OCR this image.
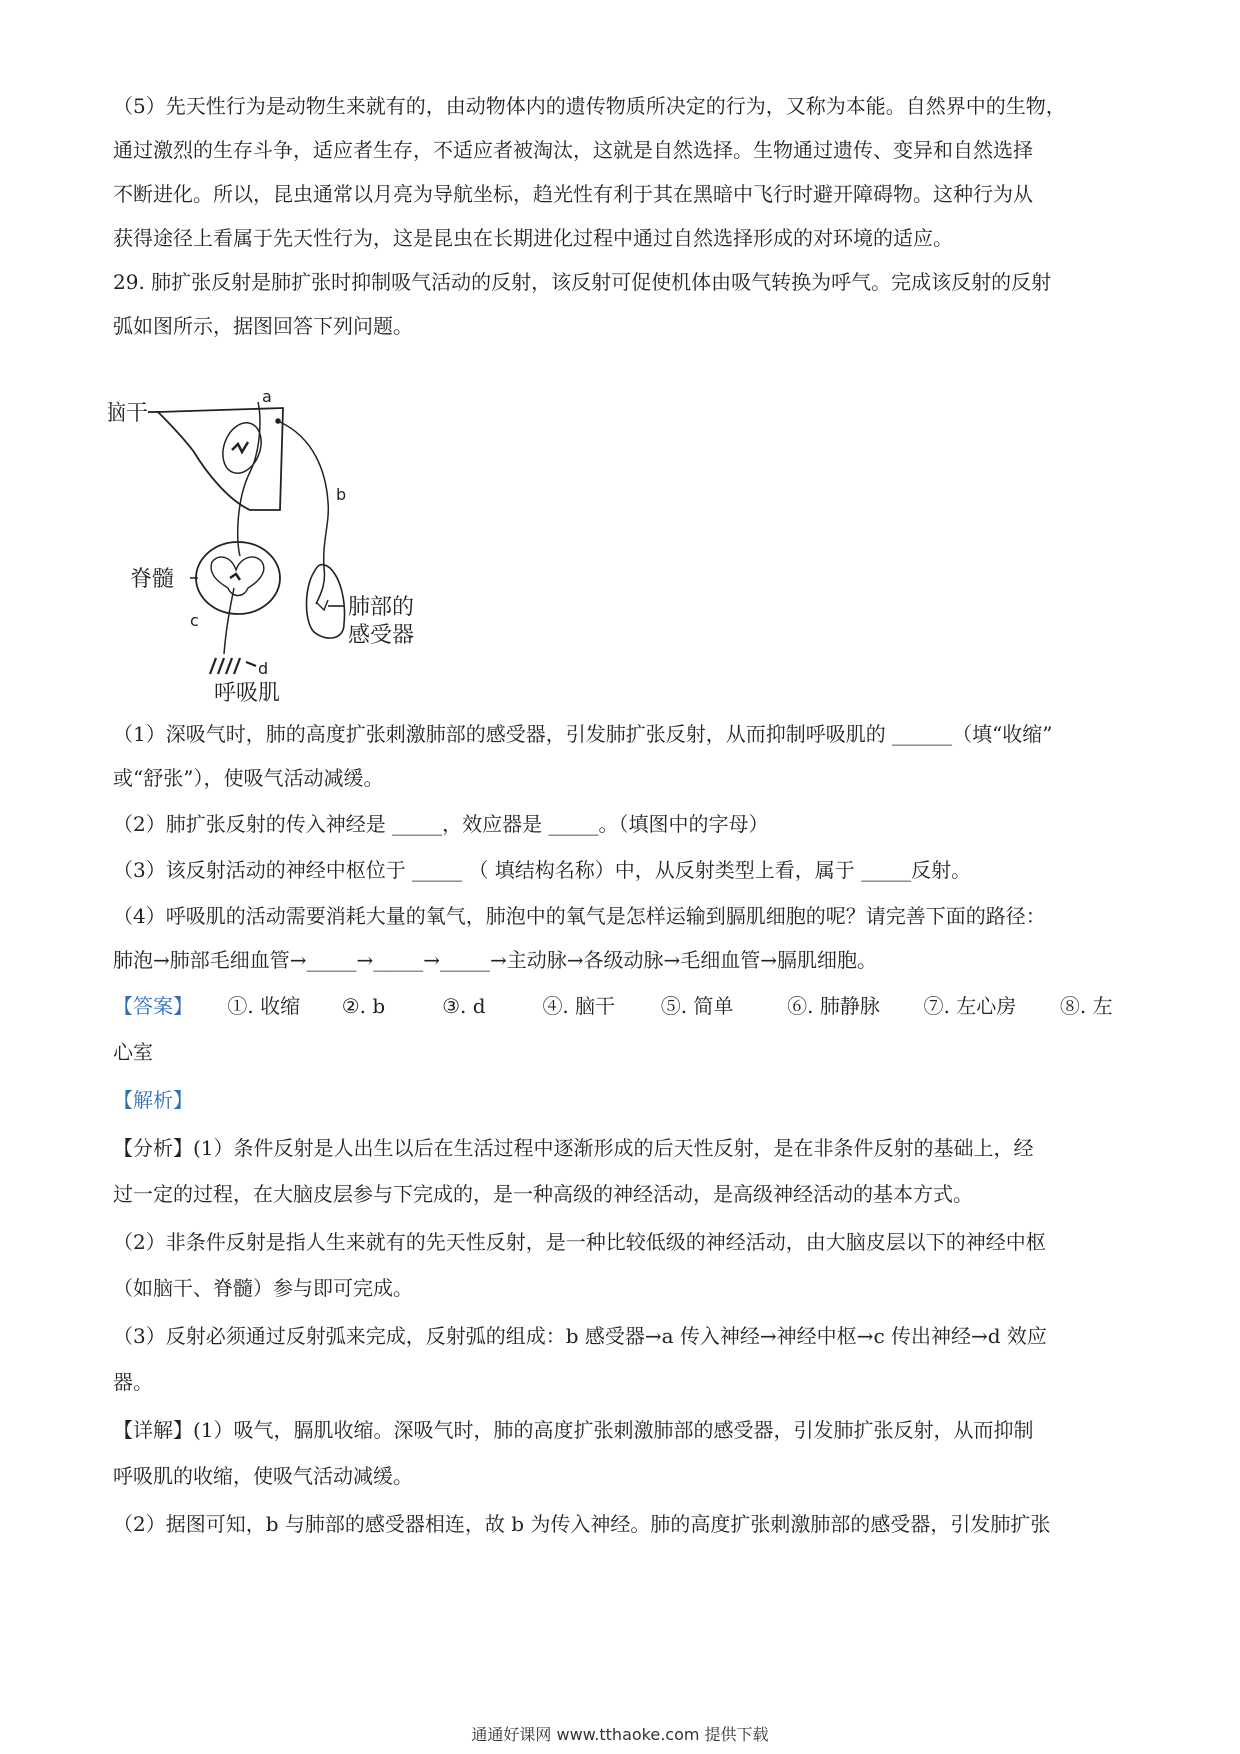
（5）先天性行为是动物生来就有的，由动物体内的遗传物质所决定的行为，又称为本能。自然界中的生物，
通过激烈的生存斗争，适应者生存，不适应者被淘汰，这就是自然选择。生物通过遗传、变异和自然选择
不断进化。所以，昆虫通常以月亮为导航坐标，趋光性有利于其在黑暗中飞行时避开障碍物。这种行为从
获得途径上看属于先天性行为，这是昆虫在长期进化过程中通过自然选择形成的对环境的适应。
29. 肺扩张反射是肺扩张时抑制吸气活动的反射，该反射可促使机体由吸气转换为呼气。完成该反射的反射
弧如图所示，据图回答下列问题。
脑干
脊髓
肺部的
感受器
呼吸肌
a
b
c
d
（1）深吸气时，肺的高度扩张刺激肺部的感受器，引发肺扩张反射，从而抑制呼吸肌的 ______（填“收缩”
或“舒张”），使吸气活动减缓。
（2）肺扩张反射的传入神经是 _____，效应器是 _____。（填图中的字母）
（3）该反射活动的神经中枢位于 _____ （ 填结构名称）中，从反射类型上看，属于 _____反射。
（4）呼吸肌的活动需要消耗大量的氧气，肺泡中的氧气是怎样运输到膈肌细胞的呢？请完善下面的路径：
肺泡→肺部毛细血管→_____→_____→_____→主动脉→各级动脉→毛细血管→膈肌细胞。
【答案】 ①. 收缩 ②. b	③. d	④. 脑干 ⑤. 简单	⑥. 肺静脉 ⑦. 左心房 ⑧. 左
心室
【解析】
【分析】(1）条件反射是人出生以后在生活过程中逐渐形成的后天性反射，是在非条件反射的基础上，经
过一定的过程，在大脑皮层参与下完成的，是一种高级的神经活动，是高级神经活动的基本方式。
（2）非条件反射是指人生来就有的先天性反射，是一种比较低级的神经活动，由大脑皮层以下的神经中枢
（如脑干、脊髓）参与即可完成。
（3）反射必须通过反射弧来完成，反射弧的组成：b 感受器→a 传入神经→神经中枢→c 传出神经→d 效应
器。
【详解】(1）吸气，膈肌收缩。深吸气时，肺的高度扩张刺激肺部的感受器，引发肺扩张反射，从而抑制
呼吸肌的收缩，使吸气活动减缓。
（2）据图可知，b 与肺部的感受器相连，故 b 为传入神经。肺的高度扩张刺激肺部的感受器，引发肺扩张
通通好课网 www.tthaoke.com 提供下载
